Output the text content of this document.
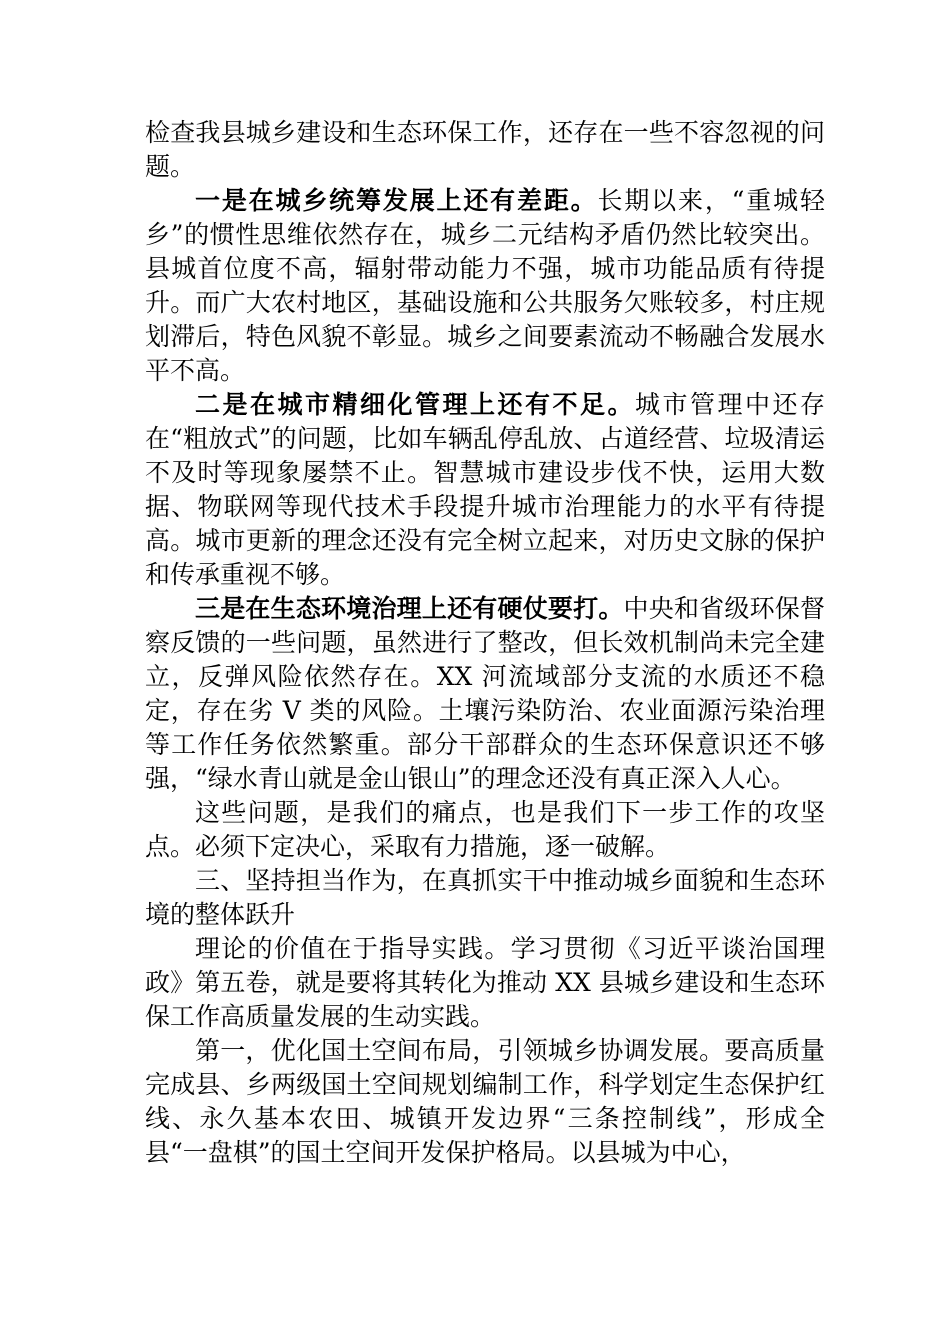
检查我县城乡建设和生态环保工作，还存在一些不容忽视的问题。

一是在城乡统筹发展上还有差距。长期以来，“重城轻乡”的惯性思维依然存在，城乡二元结构矛盾仍然比较突出。县城首位度不高，辐射带动能力不强，城市功能品质有待提升。而广大农村地区，基础设施和公共服务欠账较多，村庄规划滞后，特色风貌不彰显。城乡之间要素流动不畅融合发展水平不高。

二是在城市精细化管理上还有不足。城市管理中还存在“粗放式”的问题，比如车辆乱停乱放、占道经营、垃圾清运不及时等现象屡禁不止。智慧城市建设步伐不快，运用大数据、物联网等现代技术手段提升城市治理能力的水平有待提高。城市更新的理念还没有完全树立起来，对历史文脉的保护和传承重视不够。

三是在生态环境治理上还有硬仗要打。中央和省级环保督察反馈的一些问题，虽然进行了整改，但长效机制尚未完全建立，反弹风险依然存在。XX 河流域部分支流的水质还不稳定，存在劣 V 类的风险。土壤污染防治、农业面源污染治理等工作任务依然繁重。部分干部群众的生态环保意识还不够强，“绿水青山就是金山银山”的理念还没有真正深入人心。

这些问题，是我们的痛点，也是我们下一步工作的攻坚点。必须下定决心，采取有力措施，逐一破解。

三、坚持担当作为，在真抓实干中推动城乡面貌和生态环境的整体跃升

理论的价值在于指导实践。学习贯彻《习近平谈治国理政》第五卷，就是要将其转化为推动 XX 县城乡建设和生态环保工作高质量发展的生动实践。

第一，优化国土空间布局，引领城乡协调发展。要高质量完成县、乡两级国土空间规划编制工作，科学划定生态保护红线、永久基本农田、城镇开发边界“三条控制线”，形成全县“一盘棋”的国土空间开发保护格局。以县城为中心，
